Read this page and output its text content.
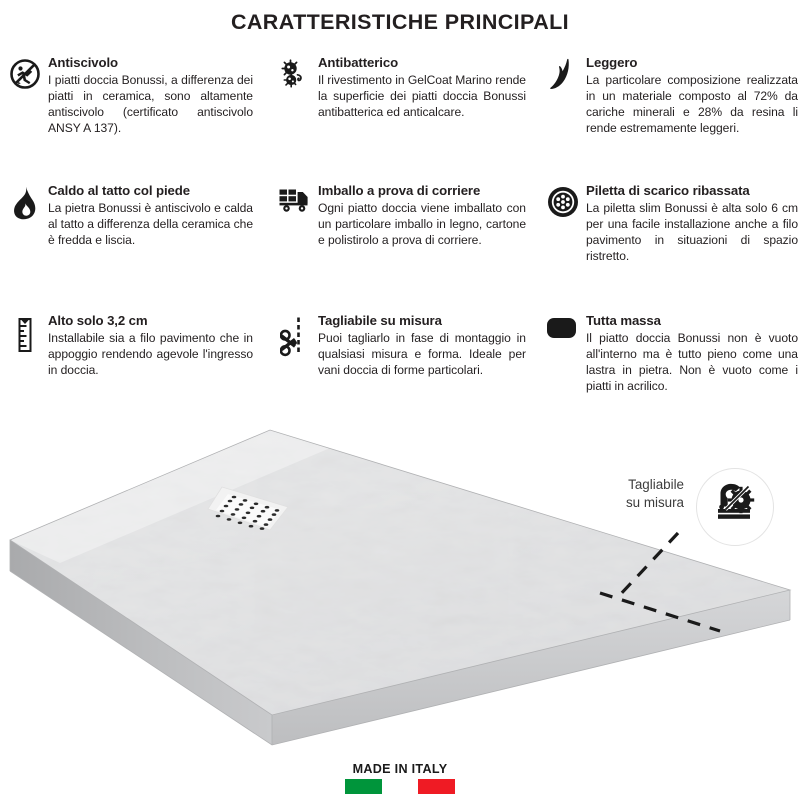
CARATTERISTICHE PRINCIPALI
Antiscivolo

I piatti doccia Bonussi, a differenza dei piatti in ceramica, sono altamente antiscivolo (certificato antiscivolo ANSY A 137).

Antibatterico

Il rivestimento in GelCoat Marino rende la superficie dei piatti doccia Bonussi antibatterica ed anticalcare.

Leggero

La particolare composizione realizzata in un materiale composto al 72% da cariche minerali e 28% da resina li rende estremamente leggeri.

Caldo al tatto col piede

La pietra Bonussi è antiscivolo e calda al tatto a differenza della ceramica che è fredda e liscia.

Imballo a prova di corriere

Ogni piatto doccia viene imballato con un particolare imballo in legno, cartone e polistirolo a prova di corriere.

Piletta di scarico ribassata

La piletta slim Bonussi è alta solo 6 cm per una facile installazione anche a filo pavimento in situazioni di spazio ristretto.

Alto solo 3,2 cm

Installabile sia a filo pavimento che in appoggio rendendo agevole l'ingresso in doccia.

Tagliabile su misura

Puoi tagliarlo in fase di montaggio in qualsiasi misura e forma. Ideale per vani doccia di forme particolari.

Tutta massa

Il piatto doccia Bonussi non è vuoto all'interno ma è tutto pieno come una lastra in pietra. Non è vuoto come i piatti in acrilico.

Tagliabile
su misura
MADE IN ITALY
